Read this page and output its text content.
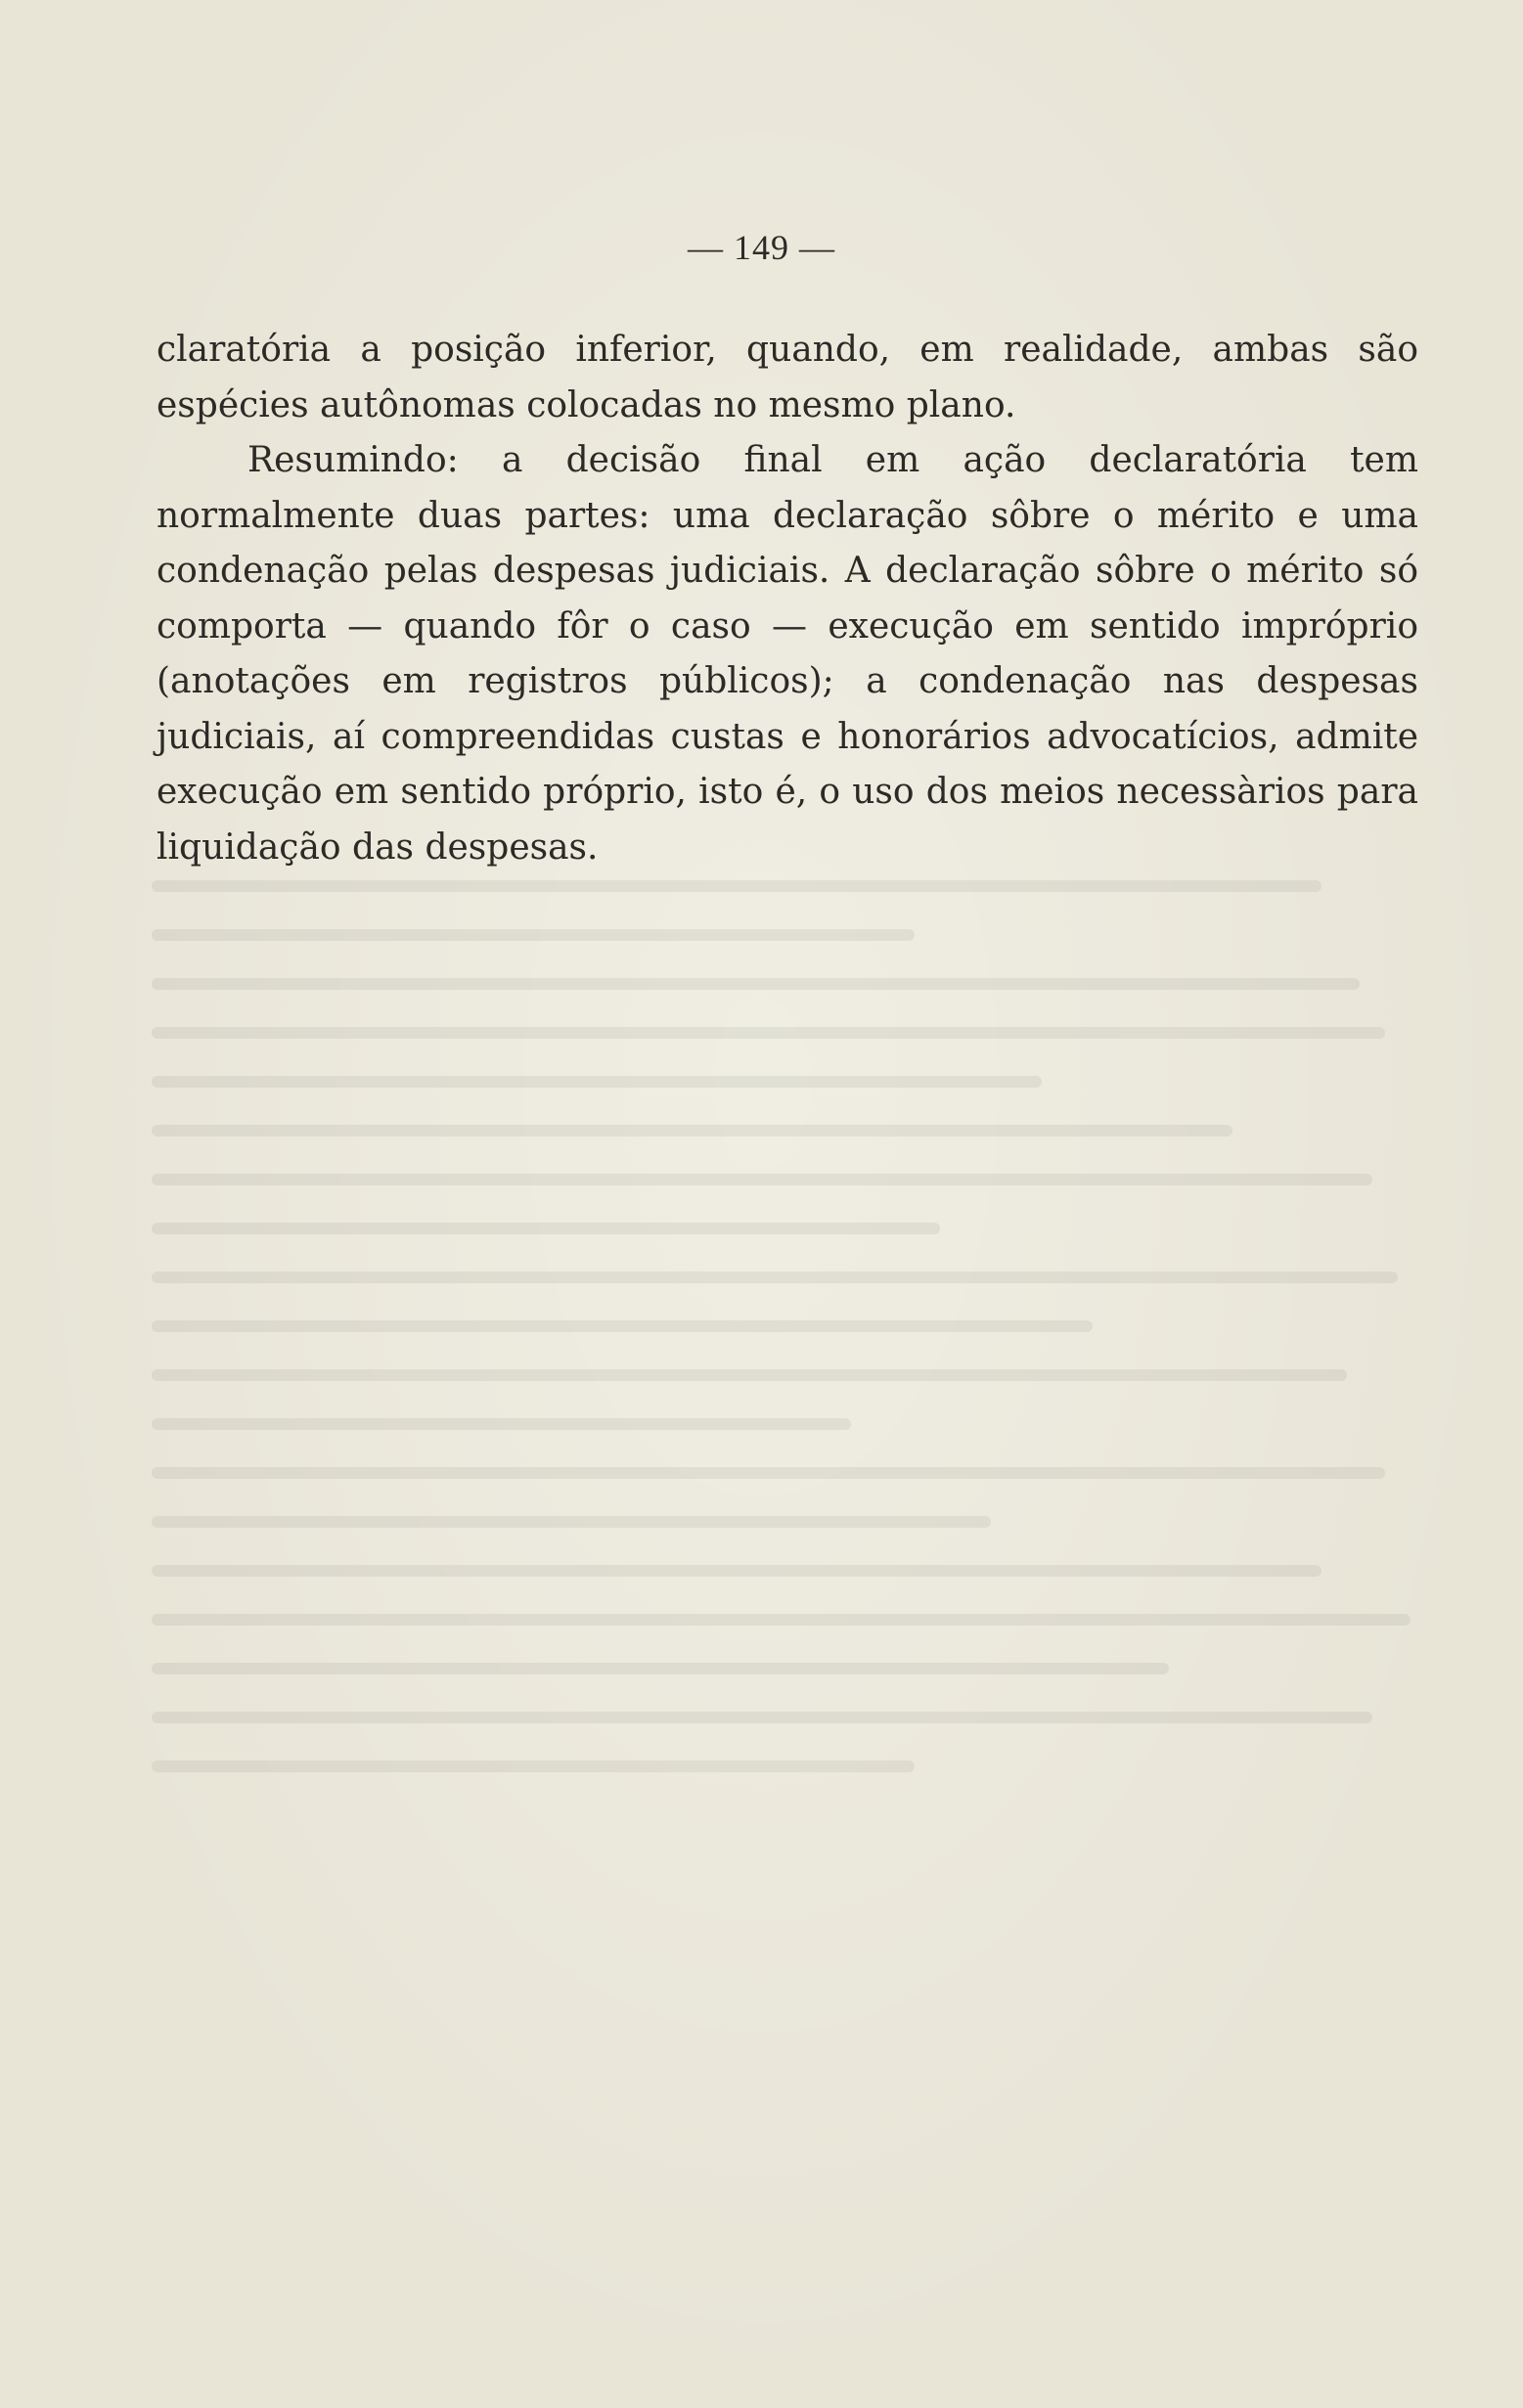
— 149 —

claratória a posição inferior, quando, em realidade, ambas são espécies autônomas colocadas no mesmo plano.

Resumindo: a decisão final em ação declaratória tem normalmente duas partes: uma declaração sôbre o mérito e uma condenação pelas despesas judiciais. A declaração sôbre o mérito só comporta — quando fôr o caso — execução em sentido impróprio (anotações em registros públicos); a condenação nas despesas judiciais, aí compreendidas custas e honorários advocatícios, admite execução em sentido próprio, isto é, o uso dos meios necessàrios para liquidação das despesas.
